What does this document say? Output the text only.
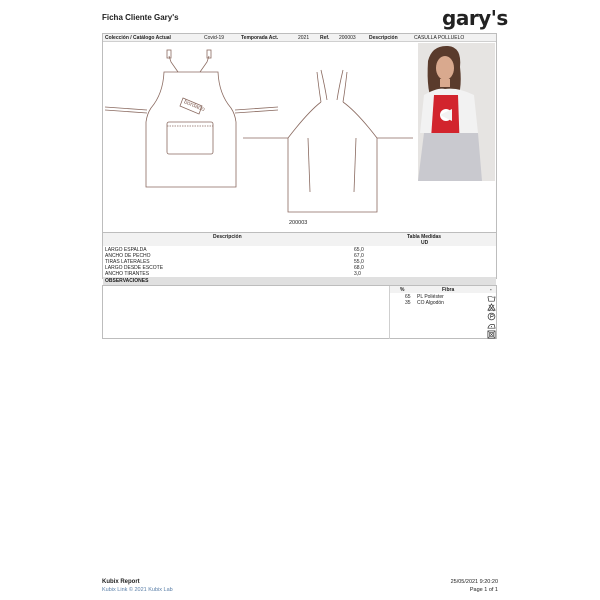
Ficha Cliente Gary's	gary's
Colección / Catálogo Actual	Covid-19	Temporada Act.	2021 Ref. 200003	Descripción	CASULLA POLLUELO
bordado
200003
Descripción	Tabla Medidas
UD
LARGO ESPALDA	65,0
ANCHO DE PECHO	67,0
TIRAS LATERALES	55,0
LARGO DESDE ESCOTE	68,0
ANCHO TIRANTES	3,0
OBSERVACIONES
%	Fibra	-
65 PL Poliéster
35 CO Algodón
Kubix Report
Kubix Link © 2021 Kubix Lab
25/05/2021 9:20:20
Page 1 of 1
